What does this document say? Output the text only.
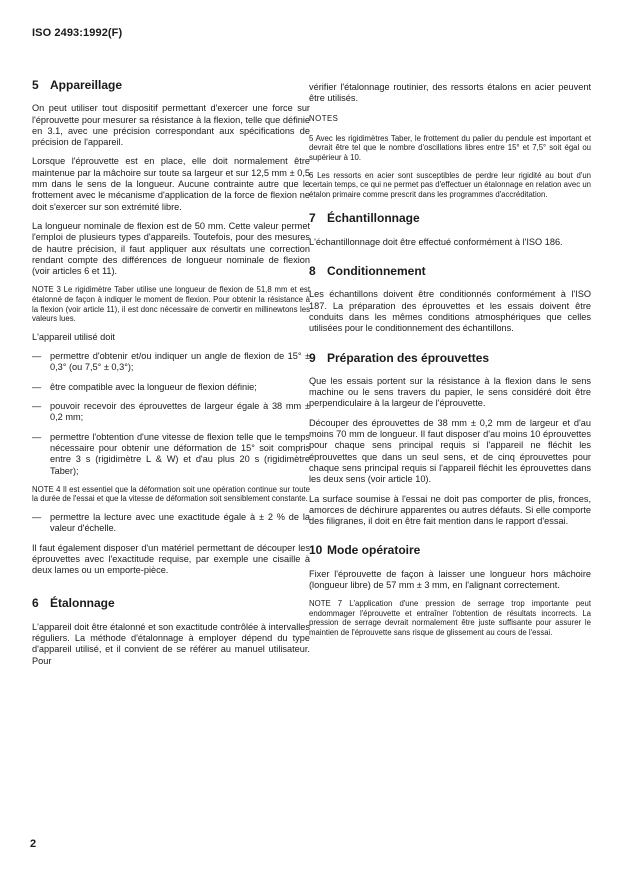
ISO 2493:1992(F)
5 Appareillage

On peut utiliser tout dispositif permettant d'exercer une force sur l'éprouvette pour mesurer sa résistance à la flexion, telle que définie en 3.1, avec une précision correspondant aux spécifications de précision de l'appareil.

Lorsque l'éprouvette est en place, elle doit normalement être maintenue par la mâchoire sur toute sa largeur et sur 12,5 mm ± 0,5 mm dans le sens de la longueur. Aucune contrainte autre que le frottement avec le mécanisme d'application de la force de flexion ne doit s'exercer sur son extrémité libre.

La longueur nominale de flexion est de 50 mm. Cette valeur permet l'emploi de plusieurs types d'appareils. Toutefois, pour des mesures de hautre précision, il faut appliquer aux résultats une correction rendant compte des différences de longueur nominale de flexion (voir articles 6 et 11).

NOTE 3 Le rigidimètre Taber utilise une longueur de flexion de 51,8 mm et est étalonné de façon à indiquer le moment de flexion. Pour obtenir la résistance à la flexion (voir article 11), il est donc nécessaire de convertir en millinewtons les valeurs lues.

L'appareil utilisé doit

— permettre d'obtenir et/ou indiquer un angle de flexion de 15° ± 0,3° (ou 7,5° ± 0,3°);
— être compatible avec la longueur de flexion définie;
— pouvoir recevoir des éprouvettes de largeur égale à 38 mm ± 0,2 mm;
— permettre l'obtention d'une vitesse de flexion telle que le temps nécessaire pour obtenir une déformation de 15° soit compris entre 3 s (rigidimètre L & W) et d'au plus 20 s (rigidimètre Taber);

NOTE 4 Il est essentiel que la déformation soit une opération continue sur toute la durée de l'essai et que la vitesse de déformation soit sensiblement constante.

— permettre la lecture avec une exactitude égale à ± 2 % de la valeur d'échelle.

Il faut également disposer d'un matériel permettant de découper les éprouvettes avec l'exactitude requise, par exemple une cisaille à deux lames ou un emporte-pièce.

6 Étalonnage

L'appareil doit être étalonné et son exactitude contrôlée à intervalles réguliers. La méthode d'étalonnage à employer dépend du type d'appareil utilisé, et il convient de se référer au manuel utilisateur. Pour

vérifier l'étalonnage routinier, des ressorts étalons en acier peuvent être utilisés.

NOTES

5 Avec les rigidimètres Taber, le frottement du palier du pendule est important et devrait être tel que le nombre d'oscillations libres entre 15° et 7,5° soit égal ou supérieur à 10.

6 Les ressorts en acier sont susceptibles de perdre leur rigidité au bout d'un certain temps, ce qui ne permet pas d'effectuer un étalonnage en relation avec un étalon primaire comme prescrit dans les programmes d'accréditation.

7 Échantillonnage

L'échantillonnage doit être effectué conformément à l'ISO 186.

8 Conditionnement

Les échantillons doivent être conditionnés conformément à l'ISO 187. La préparation des éprouvettes et les essais doivent être conduits dans les mêmes conditions atmosphériques que celles utilisées pour le conditionnement des échantillons.

9 Préparation des éprouvettes

Que les essais portent sur la résistance à la flexion dans le sens machine ou le sens travers du papier, le sens considéré doit être perpendiculaire à la largeur de l'éprouvette.

Découper des éprouvettes de 38 mm ± 0,2 mm de largeur et d'au moins 70 mm de longueur. Il faut disposer d'au moins 10 éprouvettes pour chaque sens principal requis si l'appareil ne fléchit les éprouvettes que dans un seul sens, et de cinq éprouvettes pour chaque sens principal requis si l'appareil fléchit les éprouvettes dans les deux sens (voir article 10).

La surface soumise à l'essai ne doit pas comporter de plis, fronces, amorces de déchirure apparentes ou autres défauts. Si elle comporte des filigranes, il doit en être fait mention dans le rapport d'essai.

10 Mode opératoire

Fixer l'éprouvette de façon à laisser une longueur hors mâchoire (longueur libre) de 57 mm ± 3 mm, en l'alignant correctement.

NOTE 7 L'application d'une pression de serrage trop importante peut endommager l'éprouvette et entraîner l'obtention de résultats incorrects. La pression de serrage devrait normalement être juste suffisante pour assurer le maintien de l'éprouvette sans risque de glissement au cours de l'essai.

2
